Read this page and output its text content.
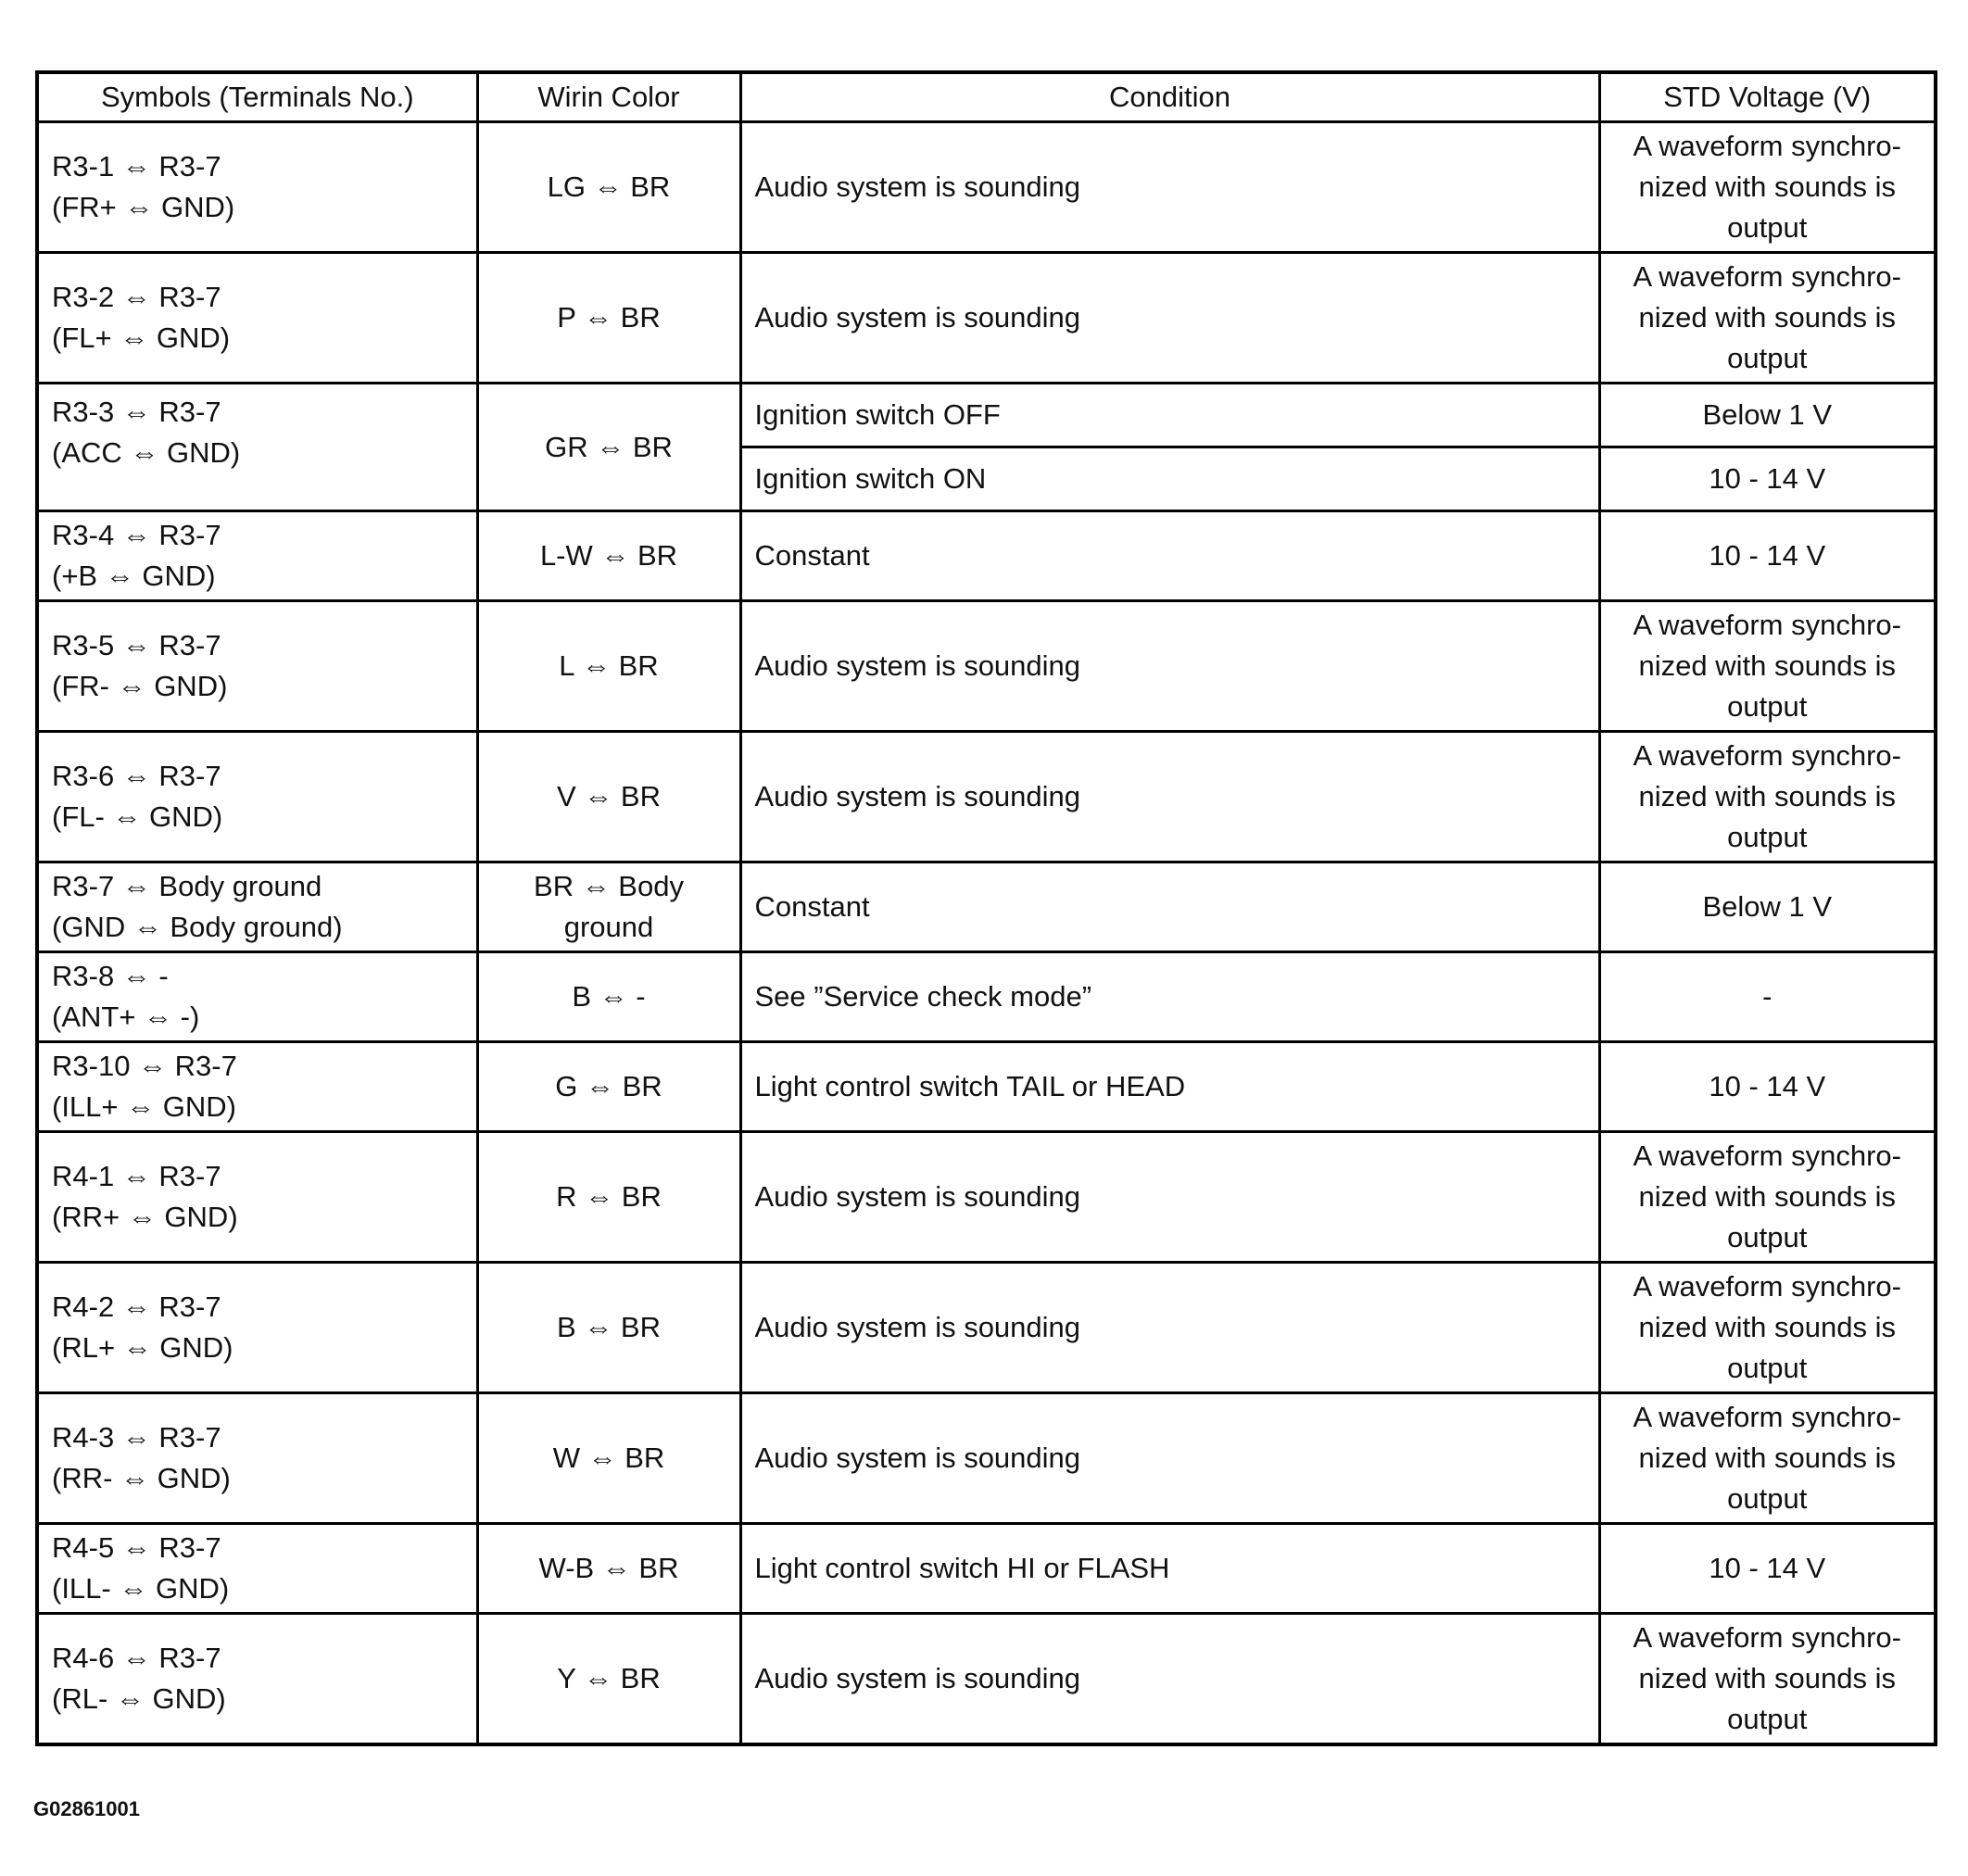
Symbols (Terminals No.)	Wirin Color	Condition	STD Voltage (V)

R3-1 ⇔ R3-7
(FR+ ⇔ GND)	LG ⇔ BR	Audio system is sounding	A waveform synchro-nized with sounds is output

R3-2 ⇔ R3-7
(FL+ ⇔ GND)	P ⇔ BR	Audio system is sounding	A waveform synchro-nized with sounds is output

R3-3 ⇔ R3-7
(ACC ⇔ GND)	GR ⇔ BR	Ignition switch OFF	Below 1 V
		Ignition switch ON	10 - 14 V

R3-4 ⇔ R3-7
(+B ⇔ GND)	L-W ⇔ BR	Constant	10 - 14 V

R3-5 ⇔ R3-7
(FR- ⇔ GND)	L ⇔ BR	Audio system is sounding	A waveform synchro-nized with sounds is output

R3-6 ⇔ R3-7
(FL- ⇔ GND)	V ⇔ BR	Audio system is sounding	A waveform synchro-nized with sounds is output

R3-7 ⇔ Body ground
(GND ⇔ Body ground)	BR ⇔ Body ground	Constant	Below 1 V

R3-8 ⇔ -
(ANT+ ⇔ -)	B ⇔ -	See ”Service check mode”	-

R3-10 ⇔ R3-7
(ILL+ ⇔ GND)	G ⇔ BR	Light control switch TAIL or HEAD	10 - 14 V

R4-1 ⇔ R3-7
(RR+ ⇔ GND)	R ⇔ BR	Audio system is sounding	A waveform synchro-nized with sounds is output

R4-2 ⇔ R3-7
(RL+ ⇔ GND)	B ⇔ BR	Audio system is sounding	A waveform synchro-nized with sounds is output

R4-3 ⇔ R3-7
(RR- ⇔ GND)	W ⇔ BR	Audio system is sounding	A waveform synchro-nized with sounds is output

R4-5 ⇔ R3-7
(ILL- ⇔ GND)	W-B ⇔ BR	Light control switch HI or FLASH	10 - 14 V

R4-6 ⇔ R3-7
(RL- ⇔ GND)	Y ⇔ BR	Audio system is sounding	A waveform synchro-nized with sounds is output
G02861001
